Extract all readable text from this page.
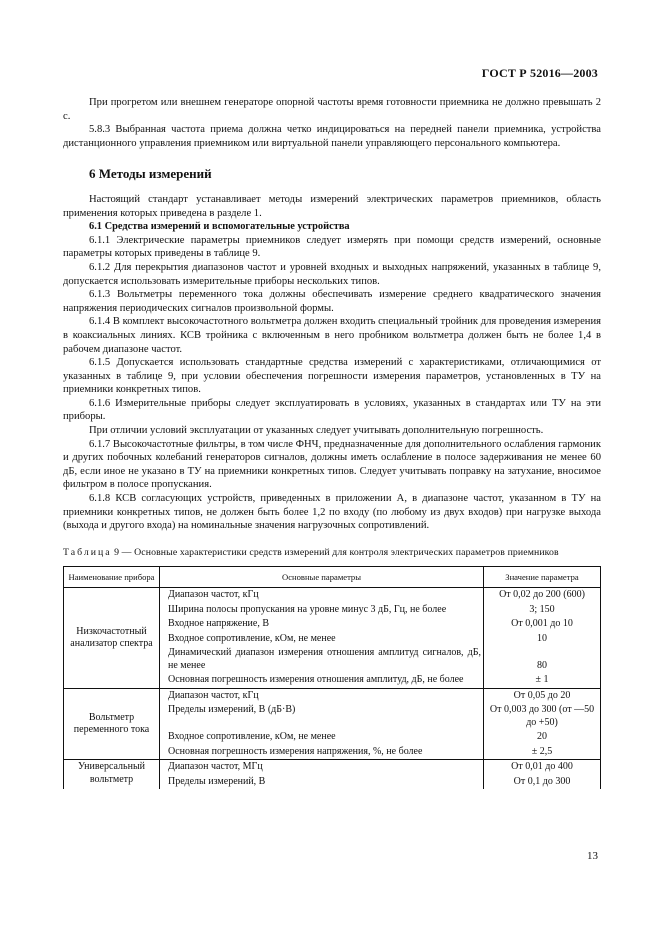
ГОСТ Р 52016—2003

При прогретом или внешнем генераторе опорной частоты время готовности приемника не должно превышать 2 с.

5.8.3 Выбранная частота приема должна четко индицироваться на передней панели приемника, устройства дистанционного управления приемником или виртуальной панели управляющего персонального компьютера.

6 Методы измерений

Настоящий стандарт устанавливает методы измерений электрических параметров приемников, область применения которых приведена в разделе 1.

6.1 Средства измерений и вспомогательные устройства

6.1.1 Электрические параметры приемников следует измерять при помощи средств измерений, основные параметры которых приведены в таблице 9.

6.1.2 Для перекрытия диапазонов частот и уровней входных и выходных напряжений, указанных в таблице 9, допускается использовать измерительные приборы нескольких типов.

6.1.3 Вольтметры переменного тока должны обеспечивать измерение среднего квадратического значения напряжения периодических сигналов произвольной формы.

6.1.4 В комплект высокочастотного вольтметра должен входить специальный тройник для проведения измерения в коаксиальных линиях. КСВ тройника с включенным в него пробником вольтметра должен быть не более 1,4 в рабочем диапазоне частот.

6.1.5 Допускается использовать стандартные средства измерений с характеристиками, отличающимися от указанных в таблице 9, при условии обеспечения погрешности измерения параметров, установленных в ТУ на приемники конкретных типов.

6.1.6 Измерительные приборы следует эксплуатировать в условиях, указанных в стандартах или ТУ на эти приборы.

При отличии условий эксплуатации от указанных следует учитывать дополнительную погрешность.

6.1.7 Высокочастотные фильтры, в том числе ФНЧ, предназначенные для дополнительного ослабления гармоник и других побочных колебаний генераторов сигналов, должны иметь ослабление в полосе задерживания не менее 60 дБ, если иное не указано в ТУ на приемники конкретных типов. Следует учитывать поправку на затухание, вносимое фильтром в полосе пропускания.

6.1.8 КСВ согласующих устройств, приведенных в приложении А, в диапазоне частот, указанном в ТУ на приемники конкретных типов, не должен быть более 1,2 по входу (по любому из двух входов) при нагрузке выхода (выхода и другого входа) на номинальные значения нагрузочных сопротивлений.

Таблица 9 — Основные характеристики средств измерений для контроля электрических параметров приемников
Наименование прибора	Основные параметры	Значение параметра
Низкочастотный анализатор спектра	Диапазон частот, кГц	От 0,02 до 200 (600)
	Ширина полосы пропускания на уровне минус 3 дБ, Гц, не более	3; 150
	Входное напряжение, В	От 0,001 до 10
	Входное сопротивление, кОм, не менее	10
	Динамический диапазон измерения отношения амплитуд сигналов, дБ, не менее	80
	Основная погрешность измерения отношения амплитуд, дБ, не более	± 1
Вольтметр переменного тока	Диапазон частот, кГц	От 0,05 до 20
	Пределы измерений, В (дБ·В)	От 0,003 до 300 (от —50 до +50)
	Входное сопротивление, кОм, не менее	20
	Основная погрешность измерения напряжения, %, не более	± 2,5
Универсальный вольтметр	Диапазон частот, МГц	От 0,01 до 400
	Пределы измерений, В	От 0,1 до 300
13
